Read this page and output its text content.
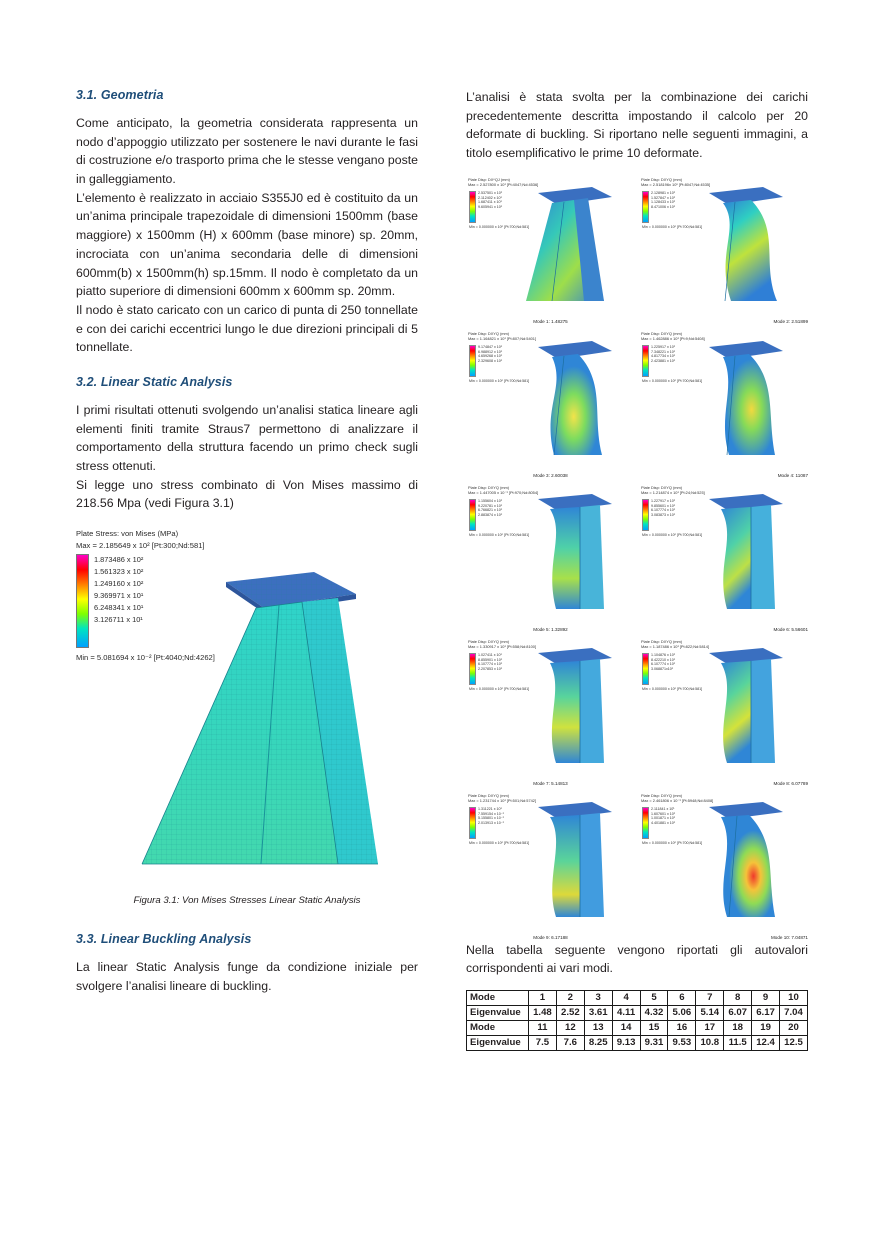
3.1. Geometria

Come anticipato, la geometria considerata rappresenta un nodo d’appoggio utilizzato per sostenere le navi durante le fasi di costruzione e/o trasporto prima che le stesse vengano poste in galleggiamento.

L’elemento è realizzato in acciaio S355J0 ed è costituito da un un’anima principale trapezoidale di dimensioni 1500mm (base maggiore) x 1500mm (H) x 600mm (base minore) sp. 20mm, incrociata con un’anima secondaria delle di dimensioni 600mm(b) x 1500mm(h) sp.15mm. Il nodo è completato da un piatto superiore di dimensioni 600mm x 600mm sp. 20mm.

Il nodo è stato caricato con un carico di punta di 250 tonnellate e con dei carichi eccentrici lungo le due direzioni principali di 5 tonnellate.

3.2. Linear Static Analysis

I primi risultati ottenuti svolgendo un’analisi statica lineare agli elementi finiti tramite Straus7 permettono di analizzare il comportamento della struttura facendo un primo check sugli stress ottenuti.

Si legge uno stress combinato di Von Mises massimo di 218.56 Mpa (vedi Figura 3.1)

Plate Stress: von Mises (MPa)
Max = 2.185649 x 10² [Pt:300;Nd:581]
1.873486 x 10²
1.561323 x 10²
1.249160 x 10²
9.369971 x 10¹
6.248341 x 10¹
3.126711 x 10¹
Min = 5.081694 x 10⁻² [Pt:4040;Nd:4262]
Figura 3.1: Von Mises Stresses Linear Static Analysis
3.3. Linear Buckling Analysis

La linear Static Analysis funge da condizione iniziale per svolgere l’analisi lineare di buckling.

L’analisi è stata svolta per la combinazione dei carichi precedentemente descritta impostando il calcolo per 20 deformate di buckling. Si riportano nelle seguenti immagini, a titolo esemplificativo le prime 10 deformate.

Plate Disp: DX*QJ (mm)
Max = 2.527800 x 10¹ [Pt:4047;Nd:4536]
2.537501 x 10¹
2.112402 x 10¹
1.687411 x 10¹
9.605941 x 10⁰
Min = 0.000000 x 10⁰ [Pt:700;Nd:581]
Mode 1: 1.48275
Plate Disp: DXYQ (mm)
Max = 2.518196x 10¹ [Pt:8047;Nd:4535]
2.128981 x 10¹
1.527847 x 10¹
1.128433 x 10¹
8.471006 x 10⁰
Min = 0.000000 x 10⁰ [Pt:700;Nd:581]
Mode 2: 2.51899
Plate Disp: DXYQ (mm)
Max = 1.164821 x 10¹ [Pt:807;Nd:5401]
9.174847 x 10⁰
6.988912 x 10⁰
4.659268 x 10⁰
2.329608 x 10⁰
Min = 0.000000 x 10⁰ [Pt:700;Nd:581]
Mode 3: 2.60038
Plate Disp: DXYQ (mm)
Max = 1.462886 x 10¹ [Pt:9;Nd:5408]
1.225917 x 10¹
7.348221 x 10⁰
4.817734 x 10⁰
2.423881 x 10⁰
Min = 0.000000 x 10⁰ [Pt:700;Nd:581]
Mode 4: 11087
Plate Disp: DXYQ (mm)
Max = 1.447005 x 10⁻¹ [Pt:970;Nd:8054]
1.155604 x 10¹
9.220781 x 10⁰
6.766821 x 10⁰
2.883874 x 10⁰
Min = 0.000000 x 10⁰ [Pt:700;Nd:581]
Mode 5: 1.32892
Plate Disp: DXYQ (mm)
Max = 1.214874 x 10¹ [Pt:24;Nd:525]
1.227917 x 10¹
9.855601 x 10⁰
6.107774 x 10⁰
3.083873 x 10⁰
Min = 0.000000 x 10⁰ [Pt:700;Nd:581]
Mode 6: 5.56601
Plate Disp: DXYQ (mm)
Max = 1.330917 x 10¹ [Pt:558;Nd:8100]
1.027411 x 10¹
8.855901 x 10⁰
6.107774 x 10⁰
2.207853 x 10⁰
Min = 0.000000 x 10⁰ [Pt:700;Nd:581]
Mode 7: 5.14813
Plate Disp: DXYQ (mm)
Max = 1.187486 x 10¹ [Pt:822;Nd:5814]
1.104876 x 10¹
8.422210 x 10⁰
6.107774 x 10⁰
3.068871x10⁰
Min = 0.000000 x 10⁰ [Pt:700;Nd:581]
Mode 8: 6.07789
Plate Disp: DXYQ (mm)
Max = 1.231744 x 10¹ [Pt:501;Nd:5742]
1.311221 x 10¹
7.559154 x 10⁻¹
5.155801 x 10⁻¹
2.013913 x 10⁻¹
Min = 0.000000 x 10⁰ [Pt:700;Nd:581]
Mode 9: 6.17188
Plate Disp: DXYQ (mm)
Max = 2.461806 x 10⁻¹ [Pt:5948;Nd:8408]
2.111841 x 10¹
1.607601 x 10¹
1.001871 x 10¹
4.401881 x 10⁰
Min = 0.000000 x 10⁰ [Pt:700;Nd:581]
Mode 10: 7.04871

Nella tabella seguente vengono riportati gli autovalori corrispondenti ai vari modi.

Mode	1	2	3	4	5	6	7	8	9	10
Eigenvalue	1.48	2.52	3.61	4.11	4.32	5.06	5.14	6.07	6.17	7.04
Mode	11	12	13	14	15	16	17	18	19	20
Eigenvalue	7.5	7.6	8.25	9.13	9.31	9.53	10.8	11.5	12.4	12.5
